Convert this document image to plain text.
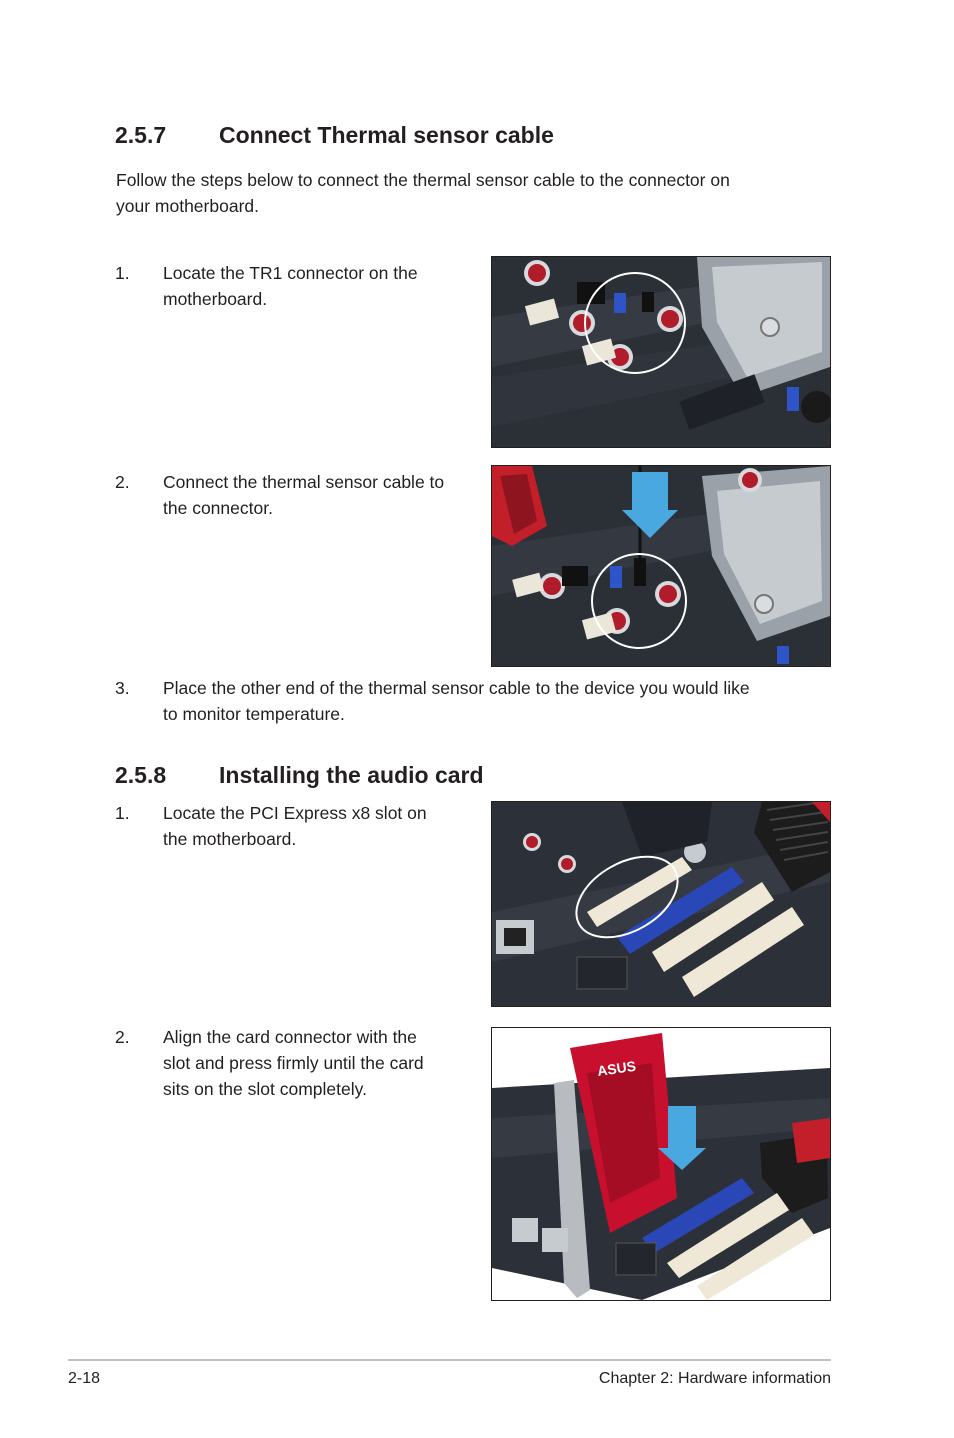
2.5.7 Connect Thermal sensor cable
Follow the steps below to connect the thermal sensor cable to the connector on
your motherboard.
1.	Locate the TR1 connector on the
motherboard.
2.	Connect the thermal sensor cable to
the connector.
3.	Place the other end of the thermal sensor cable to the device you would like
to monitor temperature.
2.5.8 Installing the audio card
1.	Locate the PCI Express x8 slot on
the motherboard.
2.	Align the card connector with the
slot and press firmly until the card
sits on the slot completely.
ASUS
2-18	Chapter 2: Hardware information
